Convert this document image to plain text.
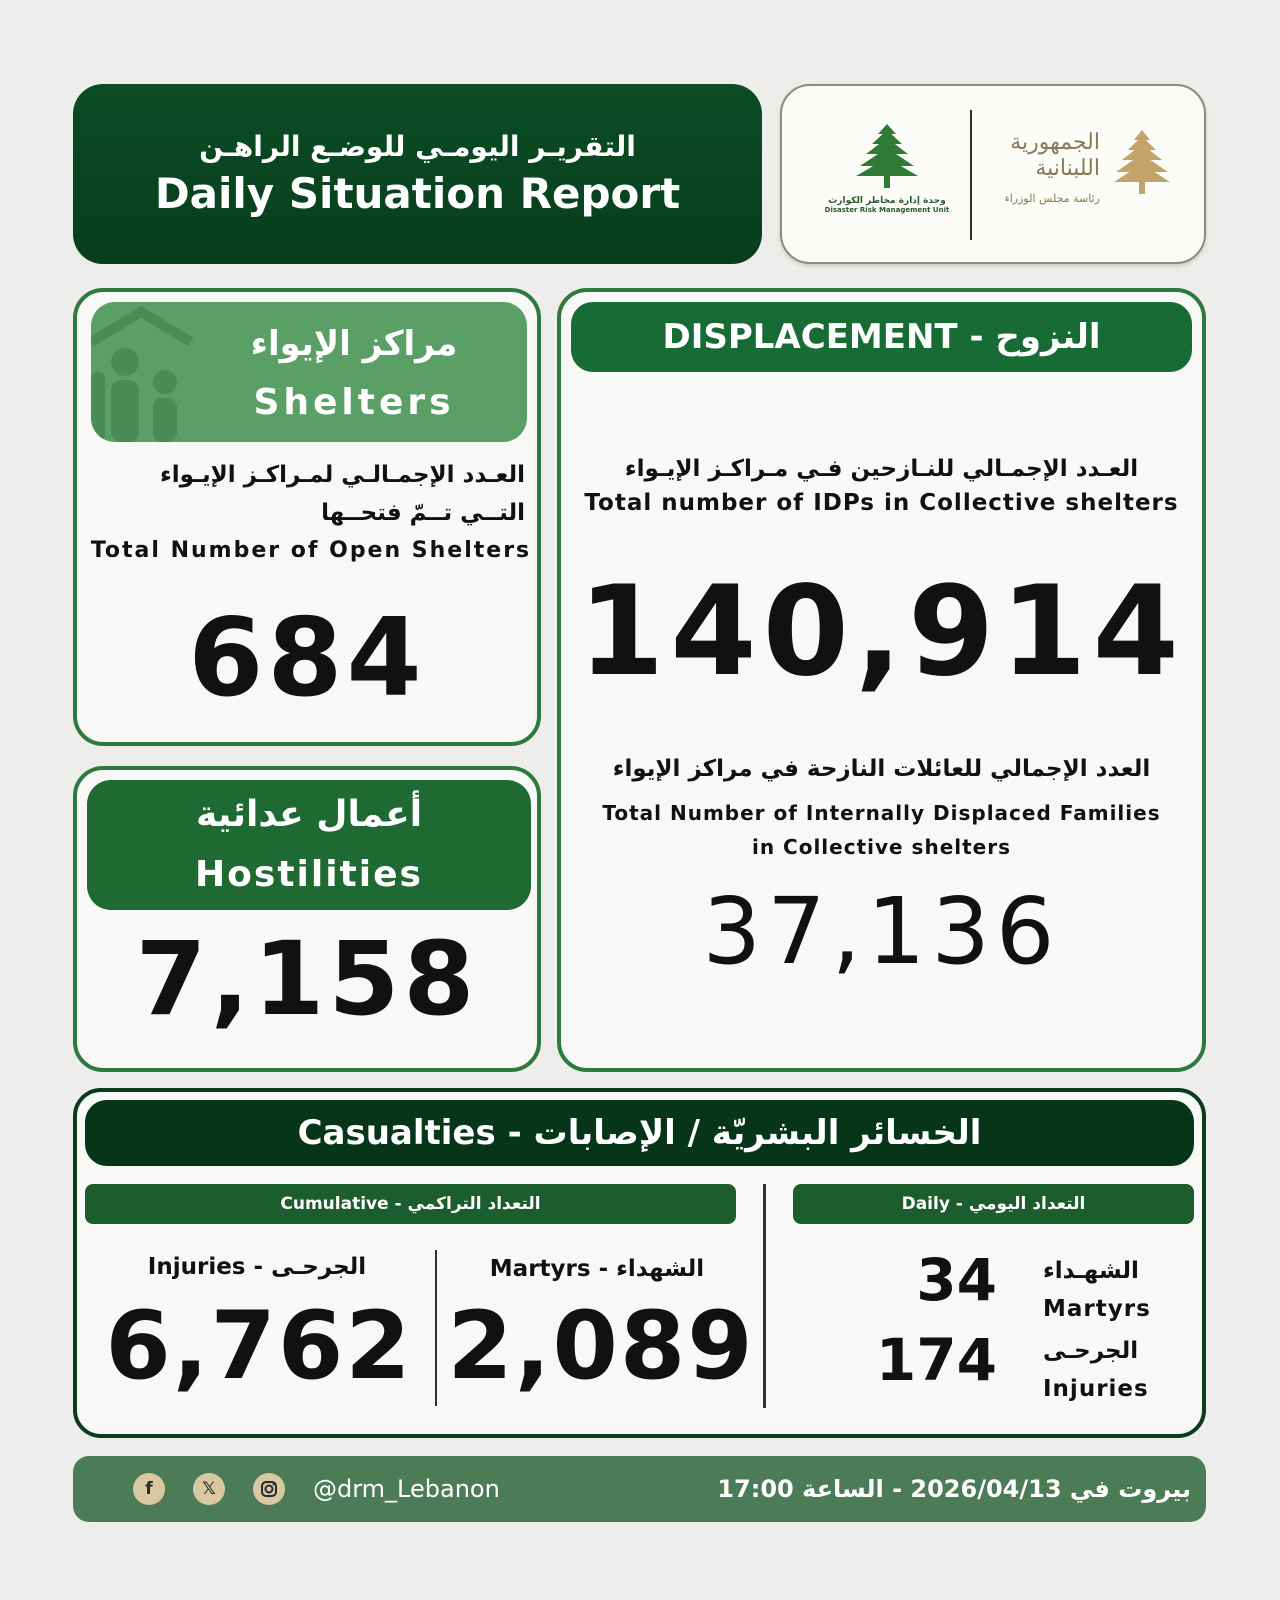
التقريـر اليومـي للوضـع الراهـن
Daily Situation Report	وحدة إدارة مخاطر الكوارث
Disaster Risk Management Unit
الجمهورية اللبنانية
رئاسة مجلس الوزراء
مراكز الإيواء
Shelters
العـدد الإجمـالـي لمـراكـز الإيـواء
التــي تــمّ فتحــها
Total Number of Open Shelters
684
أعمال عدائية
Hostilities
7,158
DISPLACEMENT - النزوح
العـدد الإجمـالي للنـازحين فـي مـراكـز الإيـواء
Total number of IDPs in Collective shelters
140,914
العدد الإجمالي للعائلات النازحة في مراكز الإيواء
Total Number of Internally Displaced Families
in Collective shelters
37,136
Casualties - الخسائر البشريّة / الإصابات
Cumulative - التعداد التراكمي	Daily - التعداد اليومي
Injuries - الجرحـى
6,762
Martyrs - الشهداء
2,089
34 الشهـداء
Martyrs
174 الجرحـى
Injuries
f	𝕏	@drm_Lebanon	بيروت في 2026/04/13 - الساعة 17:00
